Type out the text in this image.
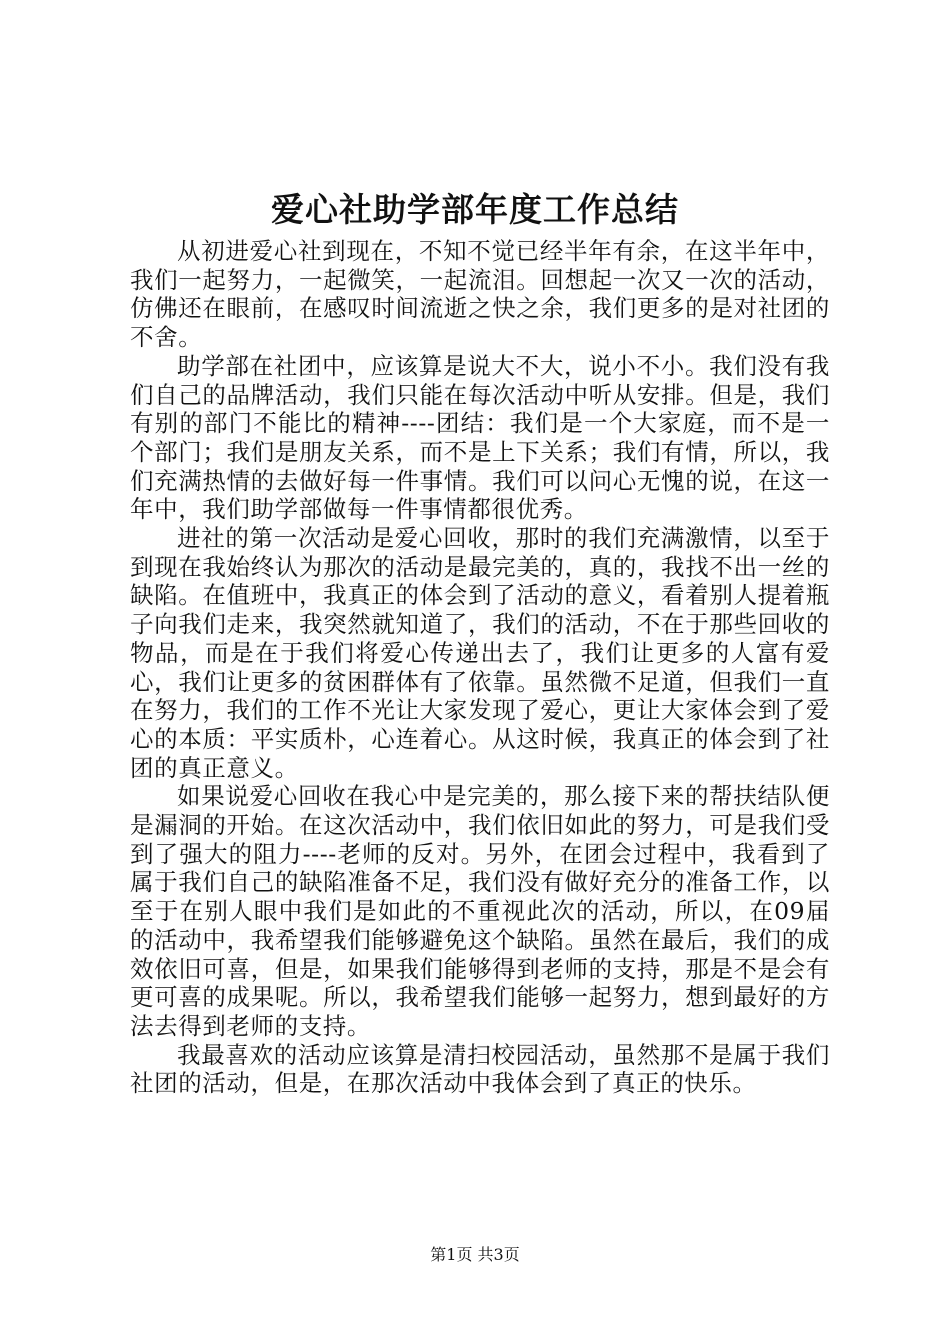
爱心社助学部年度工作总结

从初进爱心社到现在，不知不觉已经半年有余，在这半年中，我们一起努力，一起微笑，一起流泪。回想起一次又一次的活动，仿佛还在眼前，在感叹时间流逝之快之余，我们更多的是对社团的不舍。

助学部在社团中，应该算是说大不大，说小不小。我们没有我们自己的品牌活动，我们只能在每次活动中听从安排。但是，我们有别的部门不能比的精神----团结：我们是一个大家庭，而不是一个部门；我们是朋友关系，而不是上下关系；我们有情，所以，我们充满热情的去做好每一件事情。我们可以问心无愧的说，在这一年中，我们助学部做每一件事情都很优秀。

进社的第一次活动是爱心回收，那时的我们充满激情，以至于到现在我始终认为那次的活动是最完美的，真的，我找不出一丝的缺陷。在值班中，我真正的体会到了活动的意义，看着别人提着瓶子向我们走来，我突然就知道了，我们的活动，不在于那些回收的物品，而是在于我们将爱心传递出去了，我们让更多的人富有爱心，我们让更多的贫困群体有了依靠。虽然微不足道，但我们一直在努力，我们的工作不光让大家发现了爱心，更让大家体会到了爱心的本质：平实质朴，心连着心。从这时候，我真正的体会到了社团的真正意义。

如果说爱心回收在我心中是完美的，那么接下来的帮扶结队便是漏洞的开始。在这次活动中，我们依旧如此的努力，可是我们受到了强大的阻力----老师的反对。另外，在团会过程中，我看到了属于我们自己的缺陷准备不足，我们没有做好充分的准备工作，以至于在别人眼中我们是如此的不重视此次的活动，所以，在09届的活动中，我希望我们能够避免这个缺陷。虽然在最后，我们的成效依旧可喜，但是，如果我们能够得到老师的支持，那是不是会有更可喜的成果呢。所以，我希望我们能够一起努力，想到最好的方法去得到老师的支持。

我最喜欢的活动应该算是清扫校园活动，虽然那不是属于我们社团的活动，但是，在那次活动中我体会到了真正的快乐。

第1页 共3页
